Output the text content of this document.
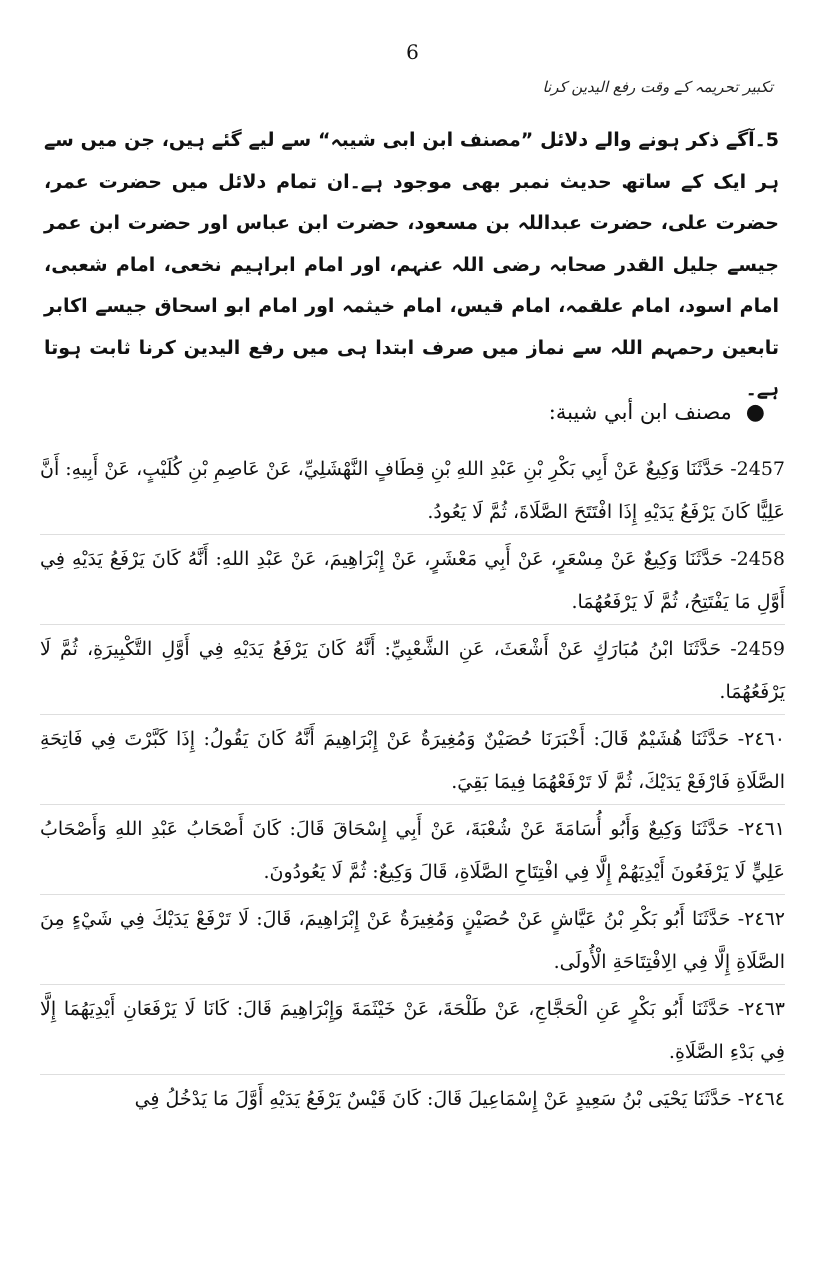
6
تکبیر تحریمہ کے وقت رفع الیدین کرنا
5۔آگے ذکر ہونے والے دلائل ”مصنف ابن ابی شیبہ“ سے لیے گئے ہیں، جن میں سے ہر ایک کے ساتھ حدیث نمبر بھی موجود ہے۔ان تمام دلائل میں حضرت عمر، حضرت علی، حضرت عبداللہ بن مسعود، حضرت ابن عباس اور حضرت ابن عمر جیسے جلیل القدر صحابہ رضی اللہ عنہم، اور امام ابراہیم نخعی، امام شعبی، امام اسود، امام علقمہ، امام قیس، امام خیثمہ اور امام ابو اسحاق جیسے اکابر تابعین رحمہم اللہ سے نماز میں صرف ابتدا ہی میں رفع الیدین کرنا ثابت ہوتا ہے۔
●مصنف ابن أبي شيبة:
2457- حَدَّثَنَا وَكِيعٌ عَنْ أَبِي بَكْرِ بْنِ عَبْدِ اللهِ بْنِ قِطَافٍ النَّهْشَلِيِّ، عَنْ عَاصِمِ بْنِ كُلَيْبٍ، عَنْ أَبِيهِ: أَنَّ عَلِيًّا كَانَ يَرْفَعُ يَدَيْهِ إِذَا افْتَتَحَ الصَّلَاةَ، ثُمَّ لَا يَعُودُ.
2458- حَدَّثَنَا وَكِيعٌ عَنْ مِسْعَرٍ، عَنْ أَبِي مَعْشَرٍ، عَنْ إِبْرَاهِيمَ، عَنْ عَبْدِ اللهِ: أَنَّهُ كَانَ يَرْفَعُ يَدَيْهِ فِي أَوَّلِ مَا يَفْتَتِحُ، ثُمَّ لَا يَرْفَعُهُمَا.
2459- حَدَّثَنَا ابْنُ مُبَارَكٍ عَنْ أَشْعَثَ، عَنِ الشَّعْبِيِّ: أَنَّهُ كَانَ يَرْفَعُ يَدَيْهِ فِي أَوَّلِ التَّكْبِيرَةِ، ثُمَّ لَا يَرْفَعُهُمَا.
٢٤٦٠- حَدَّثَنَا هُشَيْمٌ قَالَ: أَخْبَرَنَا حُصَيْنٌ وَمُغِيرَةُ عَنْ إِبْرَاهِيمَ أَنَّهُ كَانَ يَقُولُ: إِذَا كَبَّرْتَ فِي فَاتِحَةِ الصَّلَاةِ فَارْفَعْ يَدَيْكَ، ثُمَّ لَا تَرْفَعْهُمَا فِيمَا بَقِيَ.
٢٤٦١- حَدَّثَنَا وَكِيعٌ وَأَبُو أُسَامَةَ عَنْ شُعْبَةَ، عَنْ أَبِي إِسْحَاقَ قَالَ: كَانَ أَصْحَابُ عَبْدِ اللهِ وَأَصْحَابُ عَلِيٍّ لَا يَرْفَعُونَ أَيْدِيَهُمْ إِلَّا فِي افْتِتَاحِ الصَّلَاةِ، قَالَ وَكِيعٌ: ثُمَّ لَا يَعُودُونَ.
٢٤٦٢- حَدَّثَنَا أَبُو بَكْرِ بْنُ عَيَّاشٍ عَنْ حُصَيْنٍ وَمُغِيرَةُ عَنْ إِبْرَاهِيمَ، قَالَ: لَا تَرْفَعْ يَدَيْكَ فِي شَيْءٍ مِنَ الصَّلَاةِ إِلَّا فِي الِافْتِتَاحَةِ الْأُولَى.
٢٤٦٣- حَدَّثَنَا أَبُو بَكْرٍ عَنِ الْحَجَّاجِ، عَنْ طَلْحَةَ، عَنْ خَيْثَمَةَ وَإِبْرَاهِيمَ قَالَ: كَانَا لَا يَرْفَعَانِ أَيْدِيَهُمَا إِلَّا فِي بَدْءِ الصَّلَاةِ.
٢٤٦٤- حَدَّثَنَا يَحْيَى بْنُ سَعِيدٍ عَنْ إِسْمَاعِيلَ قَالَ: كَانَ قَيْسٌ يَرْفَعُ يَدَيْهِ أَوَّلَ مَا يَدْخُلُ فِي
